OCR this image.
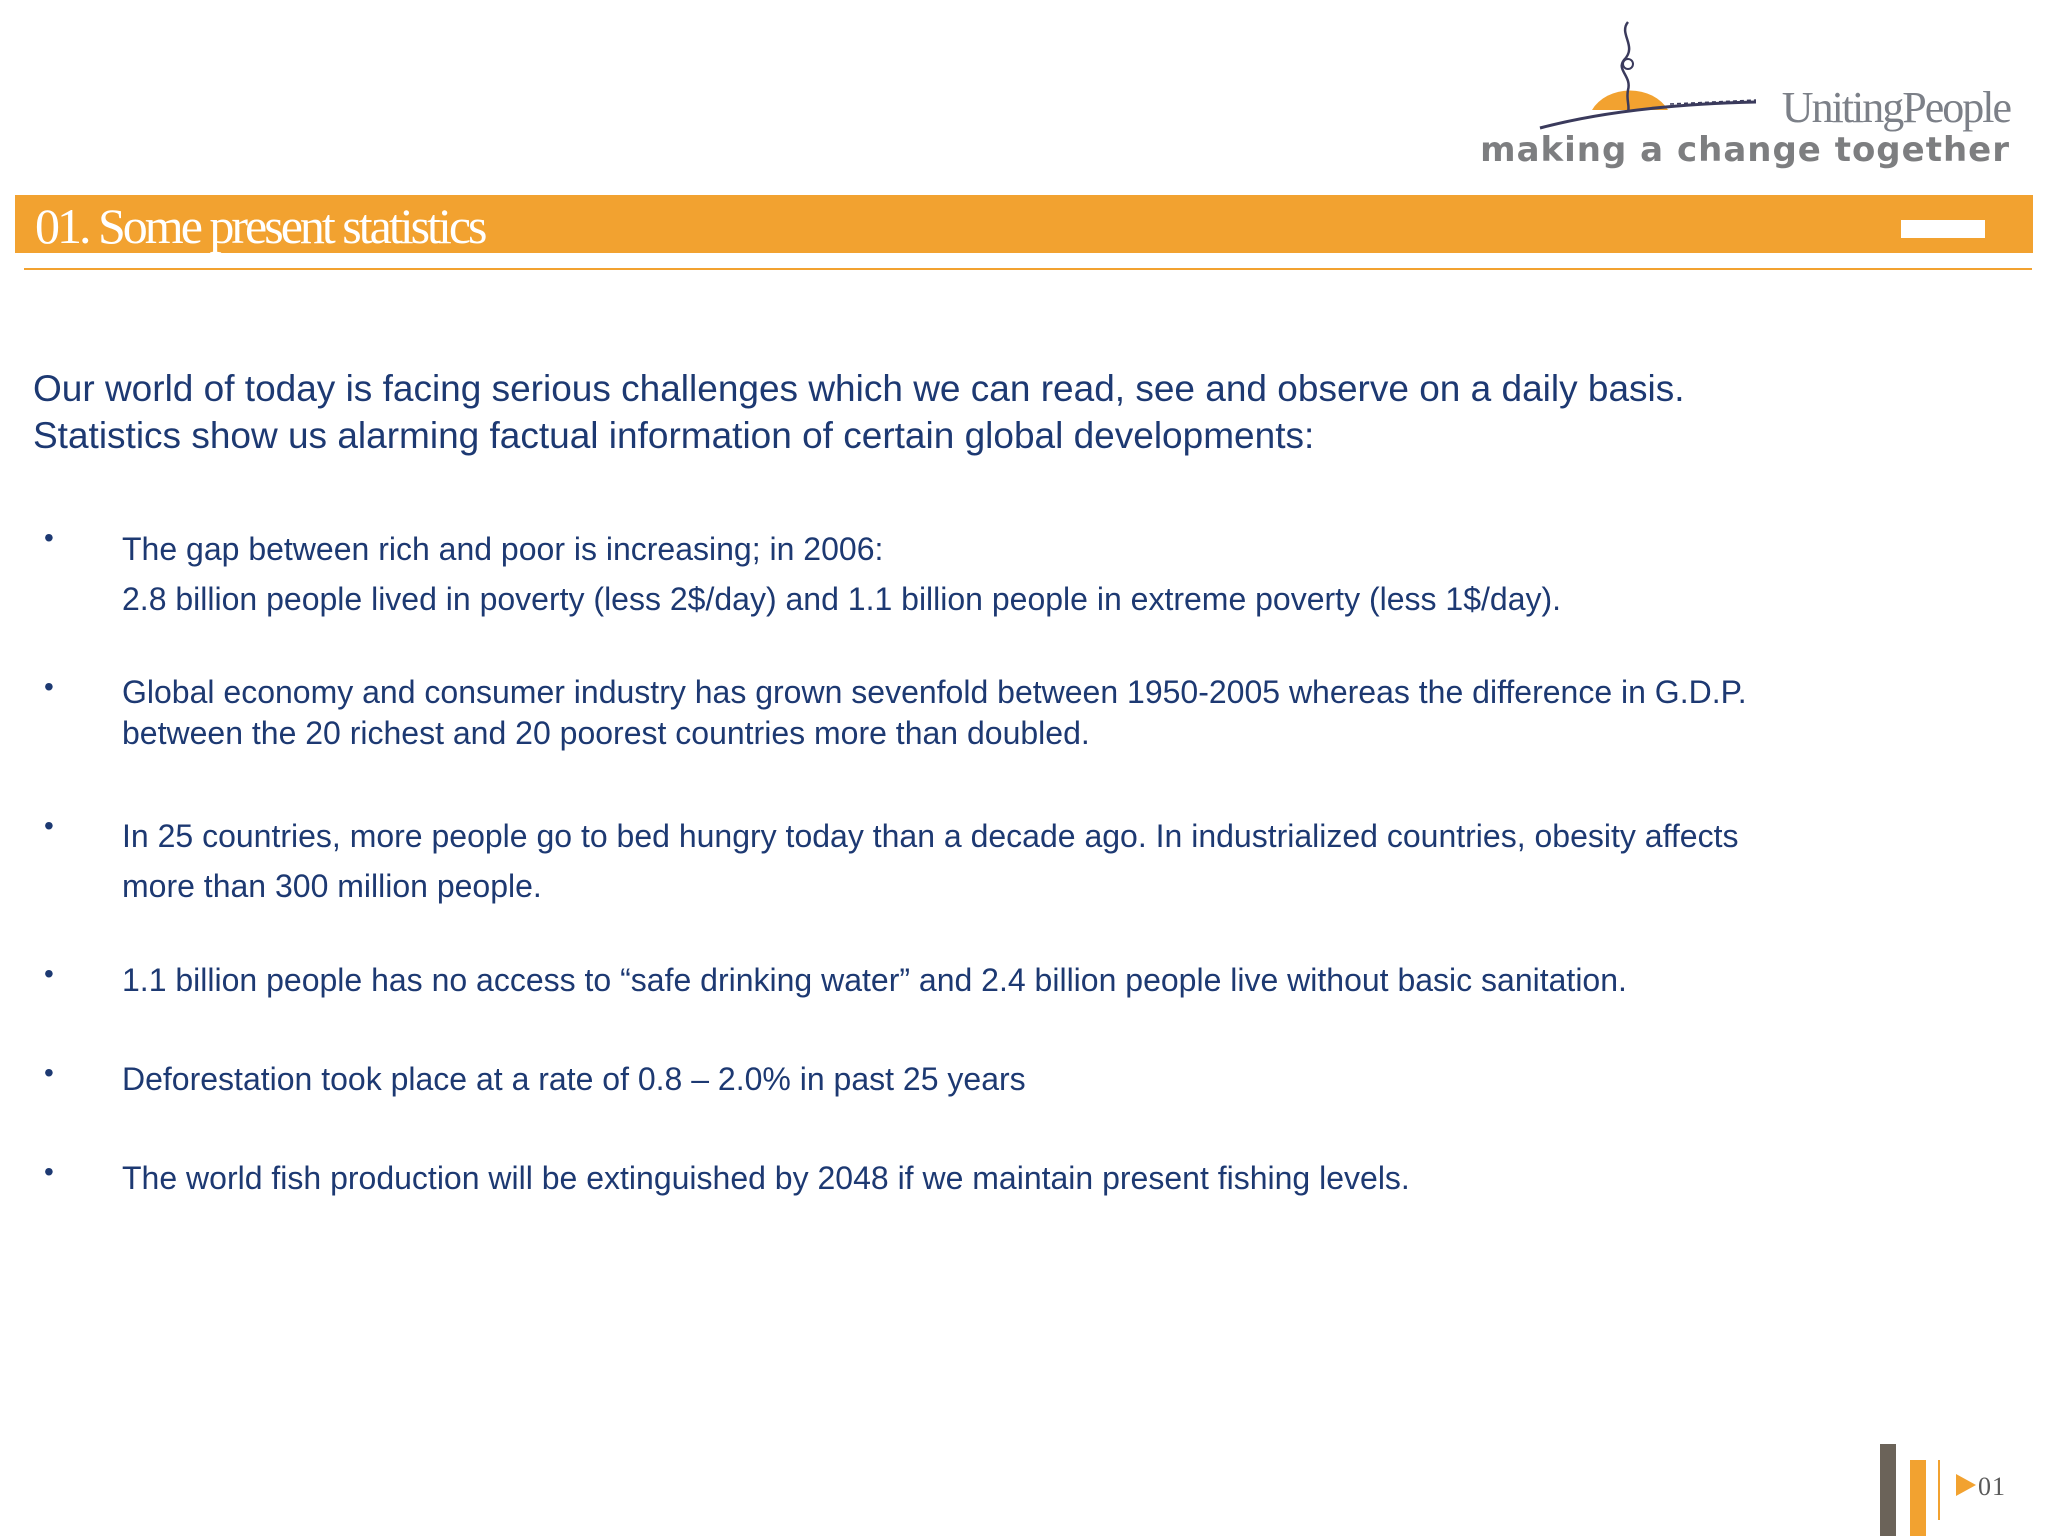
UnitingPeople
making a change together
01. Some present statistics
Our world of today is facing serious challenges which we can read, see and observe on a daily basis.
Statistics show us alarming factual information of certain global developments:
• The gap between rich and poor is increasing; in 2006:
2.8 billion people lived in poverty (less 2$/day) and 1.1 billion people in extreme poverty (less 1$/day).
• Global economy and consumer industry has grown sevenfold between 1950-2005 whereas the difference in G.D.P.
between the 20 richest and 20 poorest countries more than doubled.
• In 25 countries, more people go to bed hungry today than a decade ago. In industrialized countries, obesity affects
more than 300 million people.
• 1.1 billion people has no access to “safe drinking water” and 2.4 billion people live without basic sanitation.
• Deforestation took place at a rate of 0.8 – 2.0% in past 25 years
• The world fish production will be extinguished by 2048 if we maintain present fishing levels.
01
